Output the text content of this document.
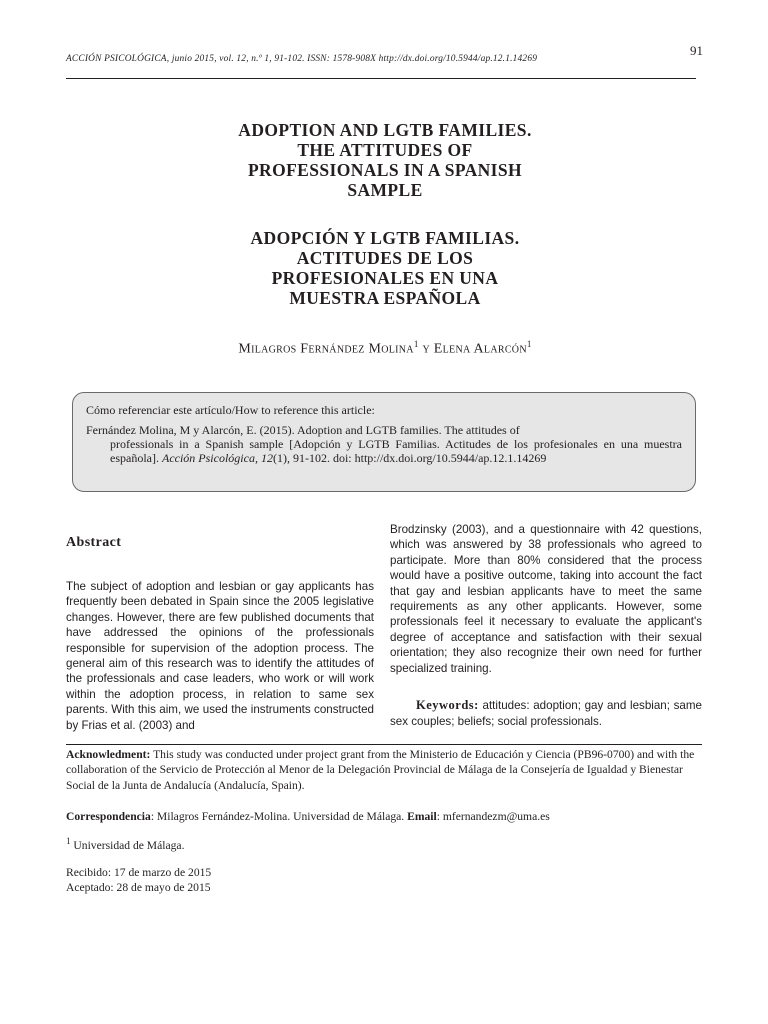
ACCIÓN PSICOLÓGICA, junio 2015, vol. 12, n.º 1, 91-102. ISSN: 1578-908X http://dx.doi.org/10.5944/ap.12.1.14269
91
ADOPTION AND LGTB FAMILIES.
THE ATTITUDES OF
PROFESSIONALS IN A SPANISH
SAMPLE
ADOPCIÓN Y LGTB FAMILIAS.
ACTITUDES DE LOS
PROFESIONALES EN UNA
MUESTRA ESPAÑOLA
Milagros Fernández Molina$^1$ y Elena Alarcón$^1$
Cómo referenciar este artículo/How to reference this article:
Fernández Molina, M y Alarcón, E. (2015). Adoption and LGTB families. The attitudes of
professionals in a Spanish sample [Adopción y LGTB Familias. Actitudes de los profesionales en una muestra española]. Acción Psicológica, 12(1), 91-102. doi: http://dx.doi.org/10.5944/ap.12.1.14269
Abstract
The subject of adoption and lesbian or gay applicants has frequently been debated in Spain since the 2005 legislative changes. However, there are few published documents that have addressed the opinions of the professionals responsible for supervision of the adoption process. The general aim of this research was to identify the attitudes of the professionals and case leaders, who work or will work within the adoption process, in relation to same sex parents. With this aim, we used the instruments constructed by Frias et al. (2003) and
Brodzinsky (2003), and a questionnaire with 42 questions, which was answered by 38 professionals who agreed to participate. More than 80% considered that the process would have a positive outcome, taking into account the fact that gay and lesbian applicants have to meet the same requirements as any other applicants. However, some professionals feel it necessary to evaluate the applicant's degree of acceptance and satisfaction with their sexual orientation; they also recognize their own need for further specialized training.
Keywords: attitudes: adoption; gay and lesbian; same sex couples; beliefs; social professionals.
Acknowledment: This study was conducted under project grant from the Ministerio de Educación y Ciencia (PB96-0700) and with the collaboration of the Servicio de Protección al Menor de la Delegación Provincial de Málaga de la Consejería de Igualdad y Bienestar Social de la Junta de Andalucía (Andalucía, Spain).
Correspondencia: Milagros Fernández-Molina. Universidad de Málaga. Email: mfernandezm@uma.es
$^1$ Universidad de Málaga.
Recibido: 17 de marzo de 2015
Aceptado: 28 de mayo de 2015
